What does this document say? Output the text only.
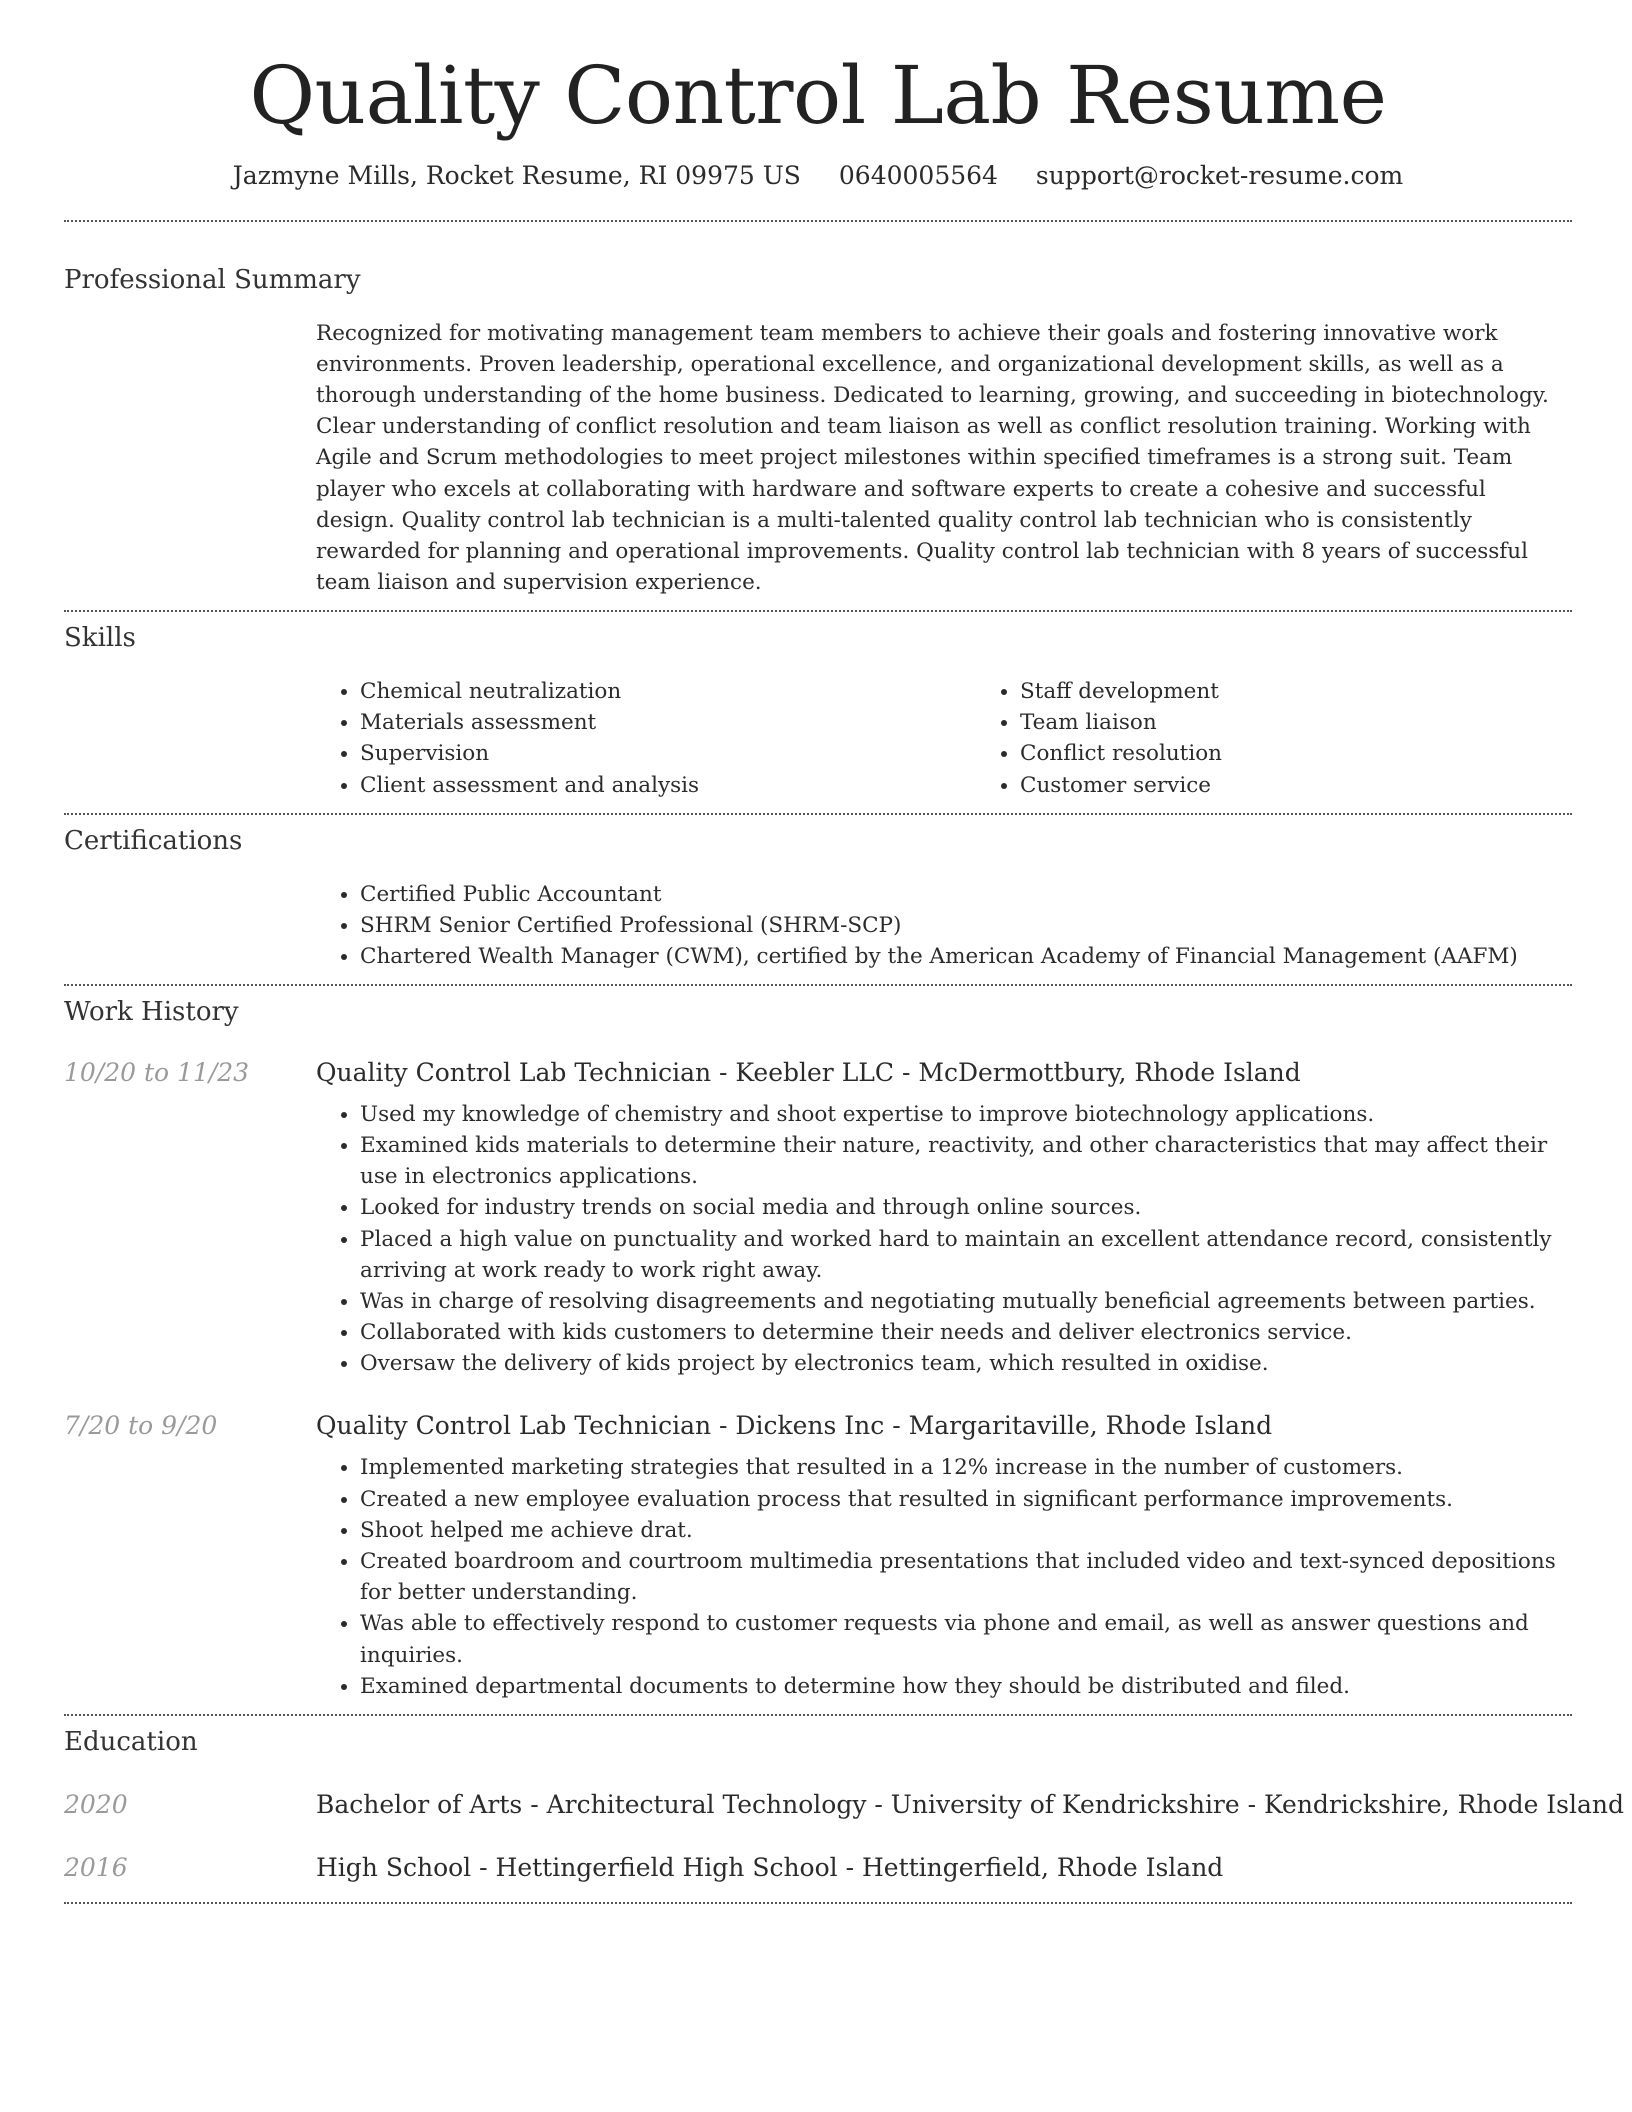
Quality Control Lab Resume
Jazmyne Mills, Rocket Resume, RI 09975 US 0640005564 support@rocket-resume.com
Professional Summary
Recognized for motivating management team members to achieve their goals and fostering innovative work environments. Proven leadership, operational excellence, and organizational development skills, as well as a thorough understanding of the home business. Dedicated to learning, growing, and succeeding in biotechnology. Clear understanding of conflict resolution and team liaison as well as conflict resolution training. Working with Agile and Scrum methodologies to meet project milestones within specified timeframes is a strong suit. Team player who excels at collaborating with hardware and software experts to create a cohesive and successful design. Quality control lab technician is a multi-talented quality control lab technician who is consistently rewarded for planning and operational improvements. Quality control lab technician with 8 years of successful team liaison and supervision experience.
Skills
• Chemical neutralization
• Materials assessment
• Supervision
• Client assessment and analysis
• Staff development
• Team liaison
• Conflict resolution
• Customer service
Certifications
• Certified Public Accountant
• SHRM Senior Certified Professional (SHRM-SCP)
• Chartered Wealth Manager (CWM), certified by the American Academy of Financial Management (AAFM)
Work History
10/20 to 11/23	Quality Control Lab Technician - Keebler LLC - McDermottbury, Rhode Island
• Used my knowledge of chemistry and shoot expertise to improve biotechnology applications.
• Examined kids materials to determine their nature, reactivity, and other characteristics that may affect their use in electronics applications.
• Looked for industry trends on social media and through online sources.
• Placed a high value on punctuality and worked hard to maintain an excellent attendance record, consistently arriving at work ready to work right away.
• Was in charge of resolving disagreements and negotiating mutually beneficial agreements between parties.
• Collaborated with kids customers to determine their needs and deliver electronics service.
• Oversaw the delivery of kids project by electronics team, which resulted in oxidise.
7/20 to 9/20	Quality Control Lab Technician - Dickens Inc - Margaritaville, Rhode Island
• Implemented marketing strategies that resulted in a 12% increase in the number of customers.
• Created a new employee evaluation process that resulted in significant performance improvements.
• Shoot helped me achieve drat.
• Created boardroom and courtroom multimedia presentations that included video and text-synced depositions for better understanding.
• Was able to effectively respond to customer requests via phone and email, as well as answer questions and inquiries.
• Examined departmental documents to determine how they should be distributed and filed.
Education
2020	Bachelor of Arts - Architectural Technology - University of Kendrickshire - Kendrickshire, Rhode Island
2016	High School - Hettingerfield High School - Hettingerfield, Rhode Island
